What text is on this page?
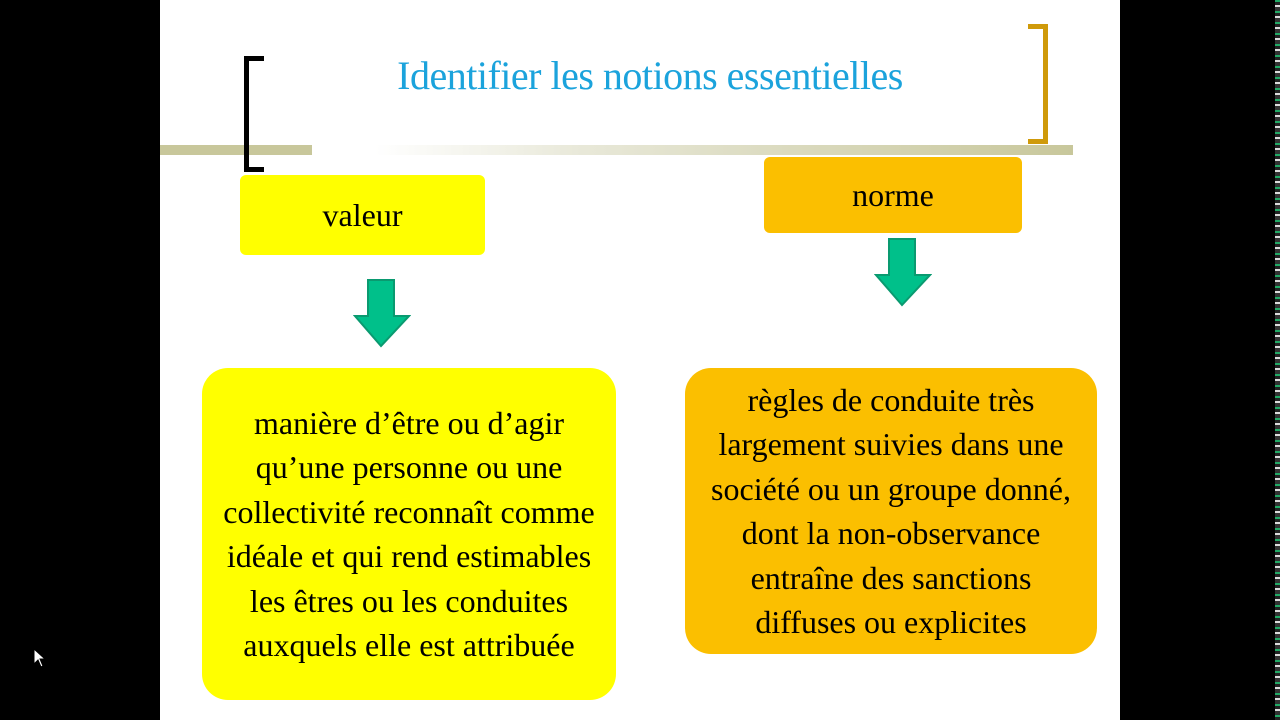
Identifier les notions essentielles
valeur
norme
manière d’être ou d’agir qu’une personne ou une collectivité reconnaît comme idéale et qui rend estimables les êtres ou les conduites auxquels elle est attribuée
règles de conduite très largement suivies dans une société ou un groupe donné, dont la non-observance entraîne des sanctions diffuses ou explicites
